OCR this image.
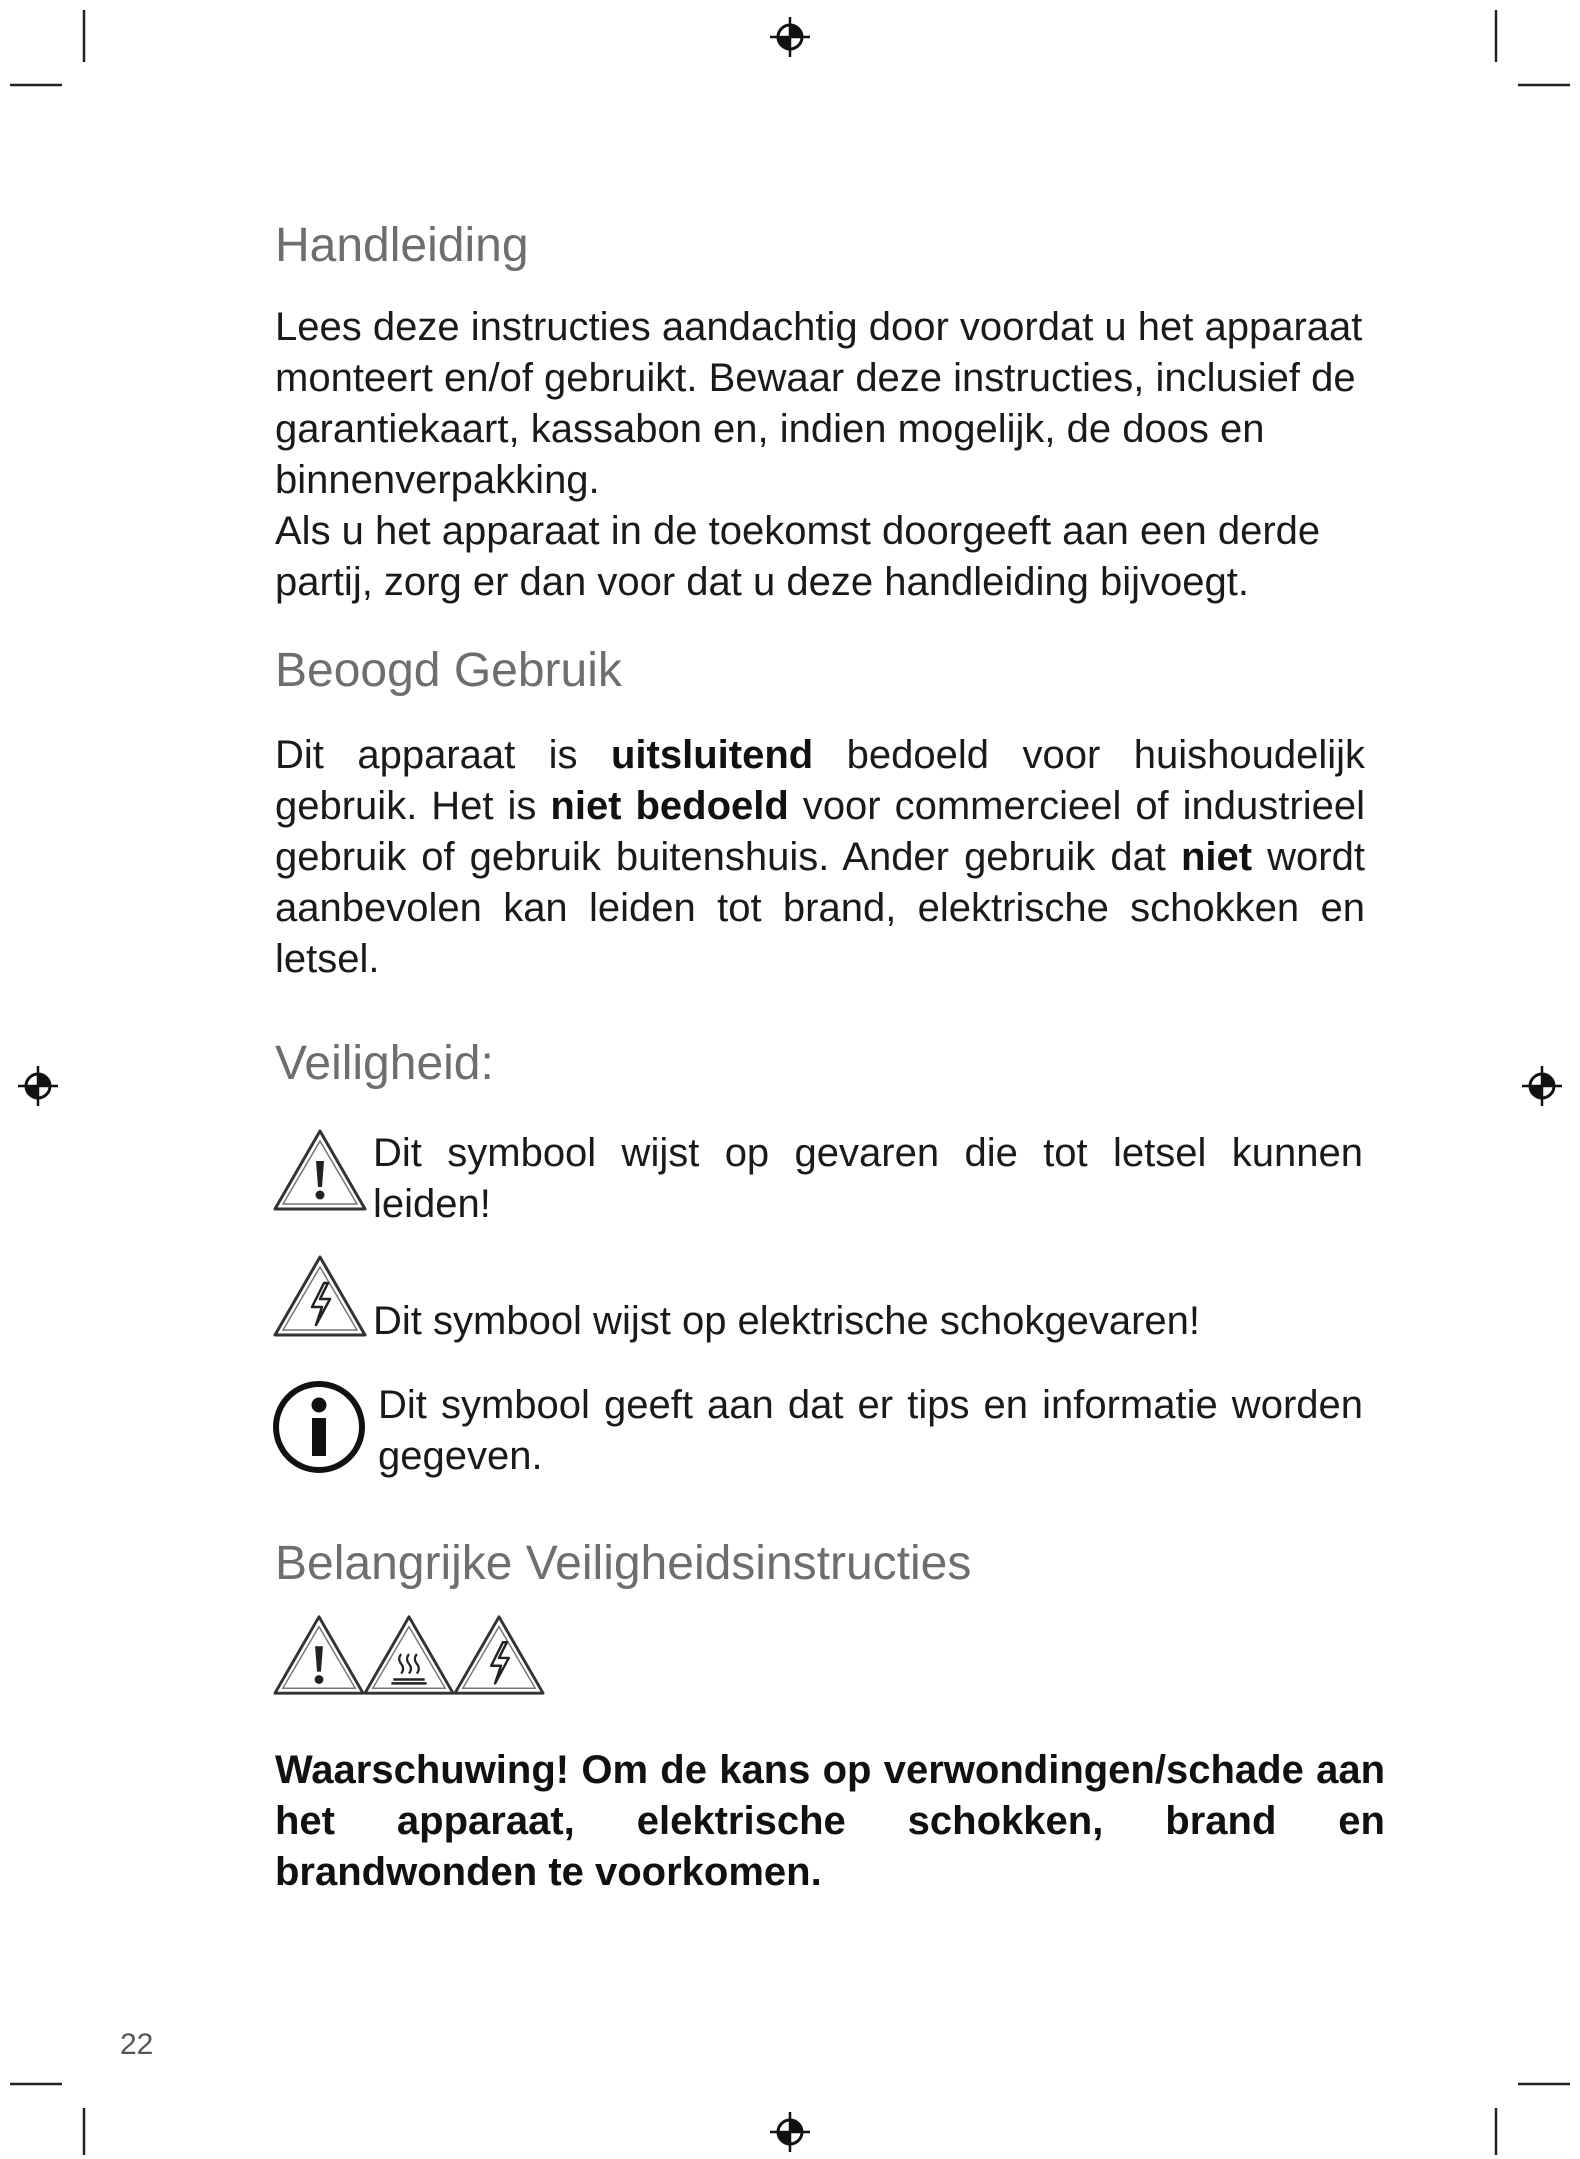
Handleiding

Lees deze instructies aandachtig door voordat u het apparaat monteert en/of gebruikt. Bewaar deze instructies, inclusief de garantiekaart, kassabon en, indien mogelijk, de doos en binnenverpakking.

Als u het apparaat in de toekomst doorgeeft aan een derde partij, zorg er dan voor dat u deze handleiding bijvoegt.

Beoogd Gebruik

Dit apparaat is uitsluitend bedoeld voor huishoudelijk gebruik. Het is niet bedoeld voor commercieel of industrieel gebruik of gebruik buitenshuis. Ander gebruik dat niet wordt aanbevolen kan leiden tot brand, elektrische schokken en letsel.

Veiligheid:

Dit symbool wijst op gevaren die tot letsel kunnen leiden!

Dit symbool wijst op elektrische schokgevaren!

Dit symbool geeft aan dat er tips en informatie worden gegeven.

Belangrijke Veiligheidsinstructies

Waarschuwing! Om de kans op verwondingen/schade aan het apparaat, elektrische schokken, brand en brandwonden te voorkomen.

22
